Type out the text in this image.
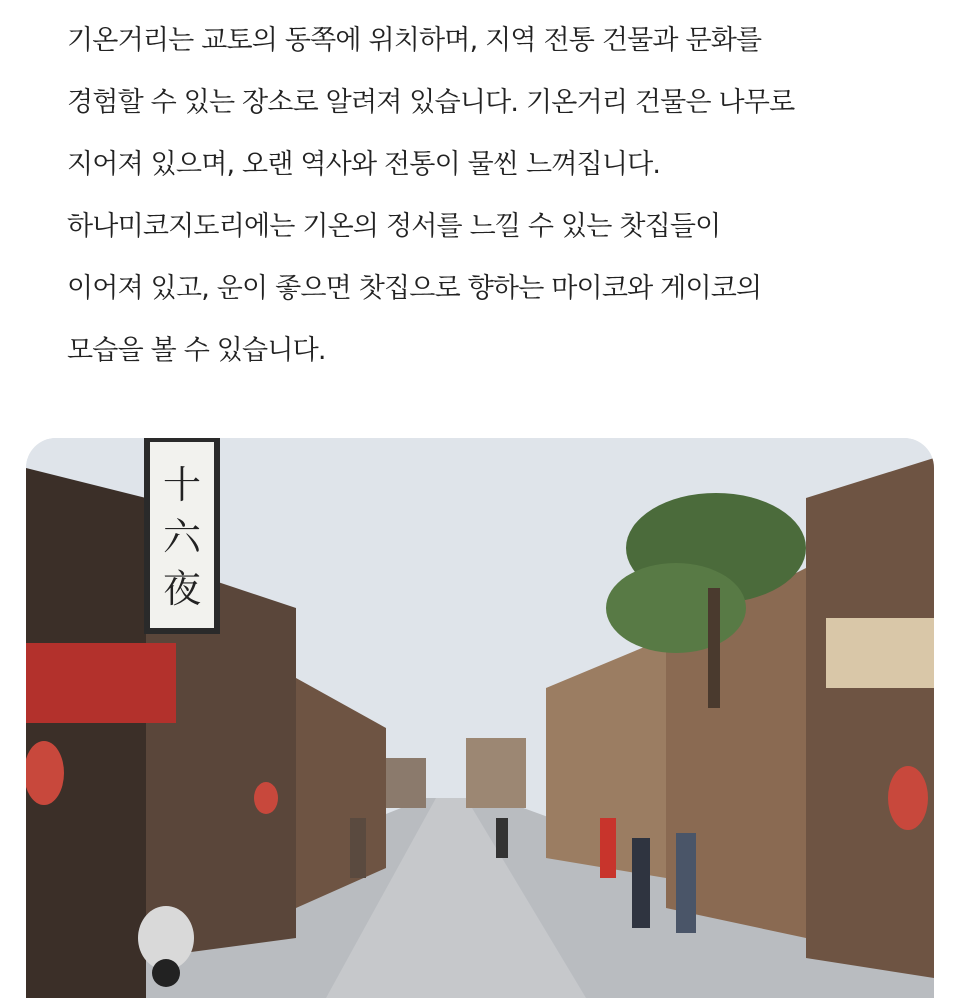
기온거리는 교토의 동쪽에 위치하며, 지역 전통 건물과 문화를

경험할 수 있는 장소로 알려져 있습니다. 기온거리 건물은 나무로

지어져 있으며, 오랜 역사와 전통이 물씬 느껴집니다.

하나미코지도리에는 기온의 정서를 느낄 수 있는 찻집들이

이어져 있고, 운이 좋으면 찻집으로 향하는 마이코와 게이코의

모습을 볼 수 있습니다.

十
六
夜
